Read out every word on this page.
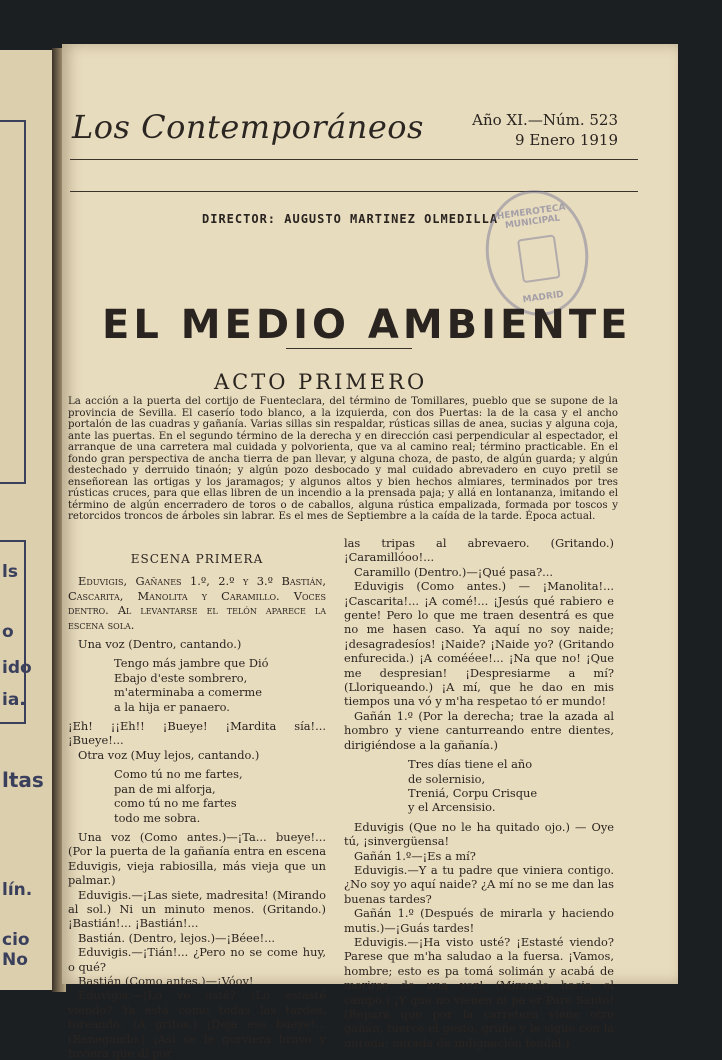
ls
o
ido
ia.
ltas
lín.
cio No
Los Contemporáneos	Año XI.—Núm. 523
9 Enero 1919
DIRECTOR: AUGUSTO MARTINEZ OLMEDILLA
HEMEROTECA MUNICIPAL
MADRID
EL MEDIO AMBIENTE
ACTO PRIMERO
La acción a la puerta del cortijo de Fuenteclara, del término de Tomillares, pueblo que se supone de la provincia de Sevilla. El caserío todo blanco, a la izquierda, con dos Puertas: la de la casa y el ancho portalón de las cuadras y gañanía. Varias sillas sin respaldar, rústicas sillas de anea, sucias y alguna coja, ante las puertas. En el segundo término de la derecha y en dirección casi perpendicular al espectador, el arranque de una carretera mal cuidada y polvorienta, que va al camino real; término practicable. En el fondo gran perspectiva de ancha tierra de pan llevar, y alguna choza, de pasto, de algún guarda; y algún destechado y derruido tinaón; y algún pozo desbocado y mal cuidado abrevadero en cuyo pretil se enseñorean las ortigas y los jaramagos; y algunos altos y bien hechos almiares, terminados por tres rústicas cruces, para que ellas libren de un incendio a la prensada paja; y allá en lontananza, imitando el término de algún encerradero de toros o de caballos, alguna rústica empalizada, formada por toscos y retorcidos troncos de árboles sin labrar. Es el mes de Septiembre a la caída de la tarde. Época actual.

ESCENA PRIMERA

Eduvigis, Gañanes 1.º, 2.º y 3.º Bastián, Cascarita, Manolita y Caramillo. Voces dentro. Al levantarse el telón aparece la escena sola.

Una voz (Dentro, cantando.)

Tengo más jambre que Dió

Ebajo d'este sombrero,

m'aterminaba a comerme

a la hija er panaero.

¡Eh! ¡¡Eh!! ¡Bueye! ¡Mardita sía!... ¡Bueye!...

Otra voz (Muy lejos, cantando.)

Como tú no me fartes,

pan de mi alforja,

como tú no me fartes

todo me sobra.

Una voz (Como antes.)—¡Ta... bueye!... (Por la puerta de la gañanía entra en escena Eduvigis, vieja rabiosilla, más vieja que un palmar.)

Eduvigis.—¡Las siete, madresita! (Mirando al sol.) Ni un minuto menos. (Gritando.) ¡Bastián!... ¡Bastián!...

Bastián. (Dentro, lejos.)—¡Béee!...

Eduvigis.—¡Tián!... ¿Pero no se come huy, o qué?

Bastián (Como antes.)—¡Vóoy!

Eduvigis.—¡Lo ve usté? ¡Lo estasté viendo? Ya está como todas las tardes, toreando. (A gritos.) ¡Deja ese bueye!... (Renegando.) ¡Así se le gorviera bravo y tuviera que dí por

las tripas al abrevaero. (Gritando.) ¡Caramillóoo!...

Caramillo (Dentro.)—¡Qué pasa?...

Eduvigis (Como antes.) — ¡Manolita!... ¡Cascarita!... ¡A comé!... ¡Jesús qué rabiero e gente! Pero lo que me traen desentrá es que no me hasen caso. Ya aquí no soy naide; ¡desagradesíos! ¡Naide? ¡Naide yo? (Gritando enfurecida.) ¡A comééee!... ¡Na que no! ¡Que me despresian! ¡Despresiarme a mí? (Lloriqueando.) ¡A mí, que he dao en mis tiempos una vó y m'ha respetao tó er mundo!

Gañán 1.º (Por la derecha; trae la azada al hombro y viene canturreando entre dientes, dirigiéndose a la gañanía.)

Tres días tiene el año

de solernisio,

Treniá, Corpu Crisque

y el Arcensisio.

Eduvigis (Que no le ha quitado ojo.) — Oye tú, ¡sinvergüensa!

Gañán 1.º—¡Es a mí?

Eduvigis.—Y a tu padre que viniera contigo. ¿No soy yo aquí naide? ¿A mí no se me dan las buenas tardes?

Gañán 1.º (Después de mirarla y haciendo mutis.)—¡Guás tardes!

Eduvigis.—¡Ha visto usté? ¡Estasté viendo? Parese que m'ha saludao a la fuersa. ¡Vamos, hombre; esto es pa tomá solimán y acabá de morirse de una vez! (Mirando hacia el campo.) ¡Y que no vienen ni pa er Pare Santo! (Repara que por la carretera viene otro gañán, tuerce el gesto, gruñe y le sigue con la mirada; mirada de indignación feudal.)
